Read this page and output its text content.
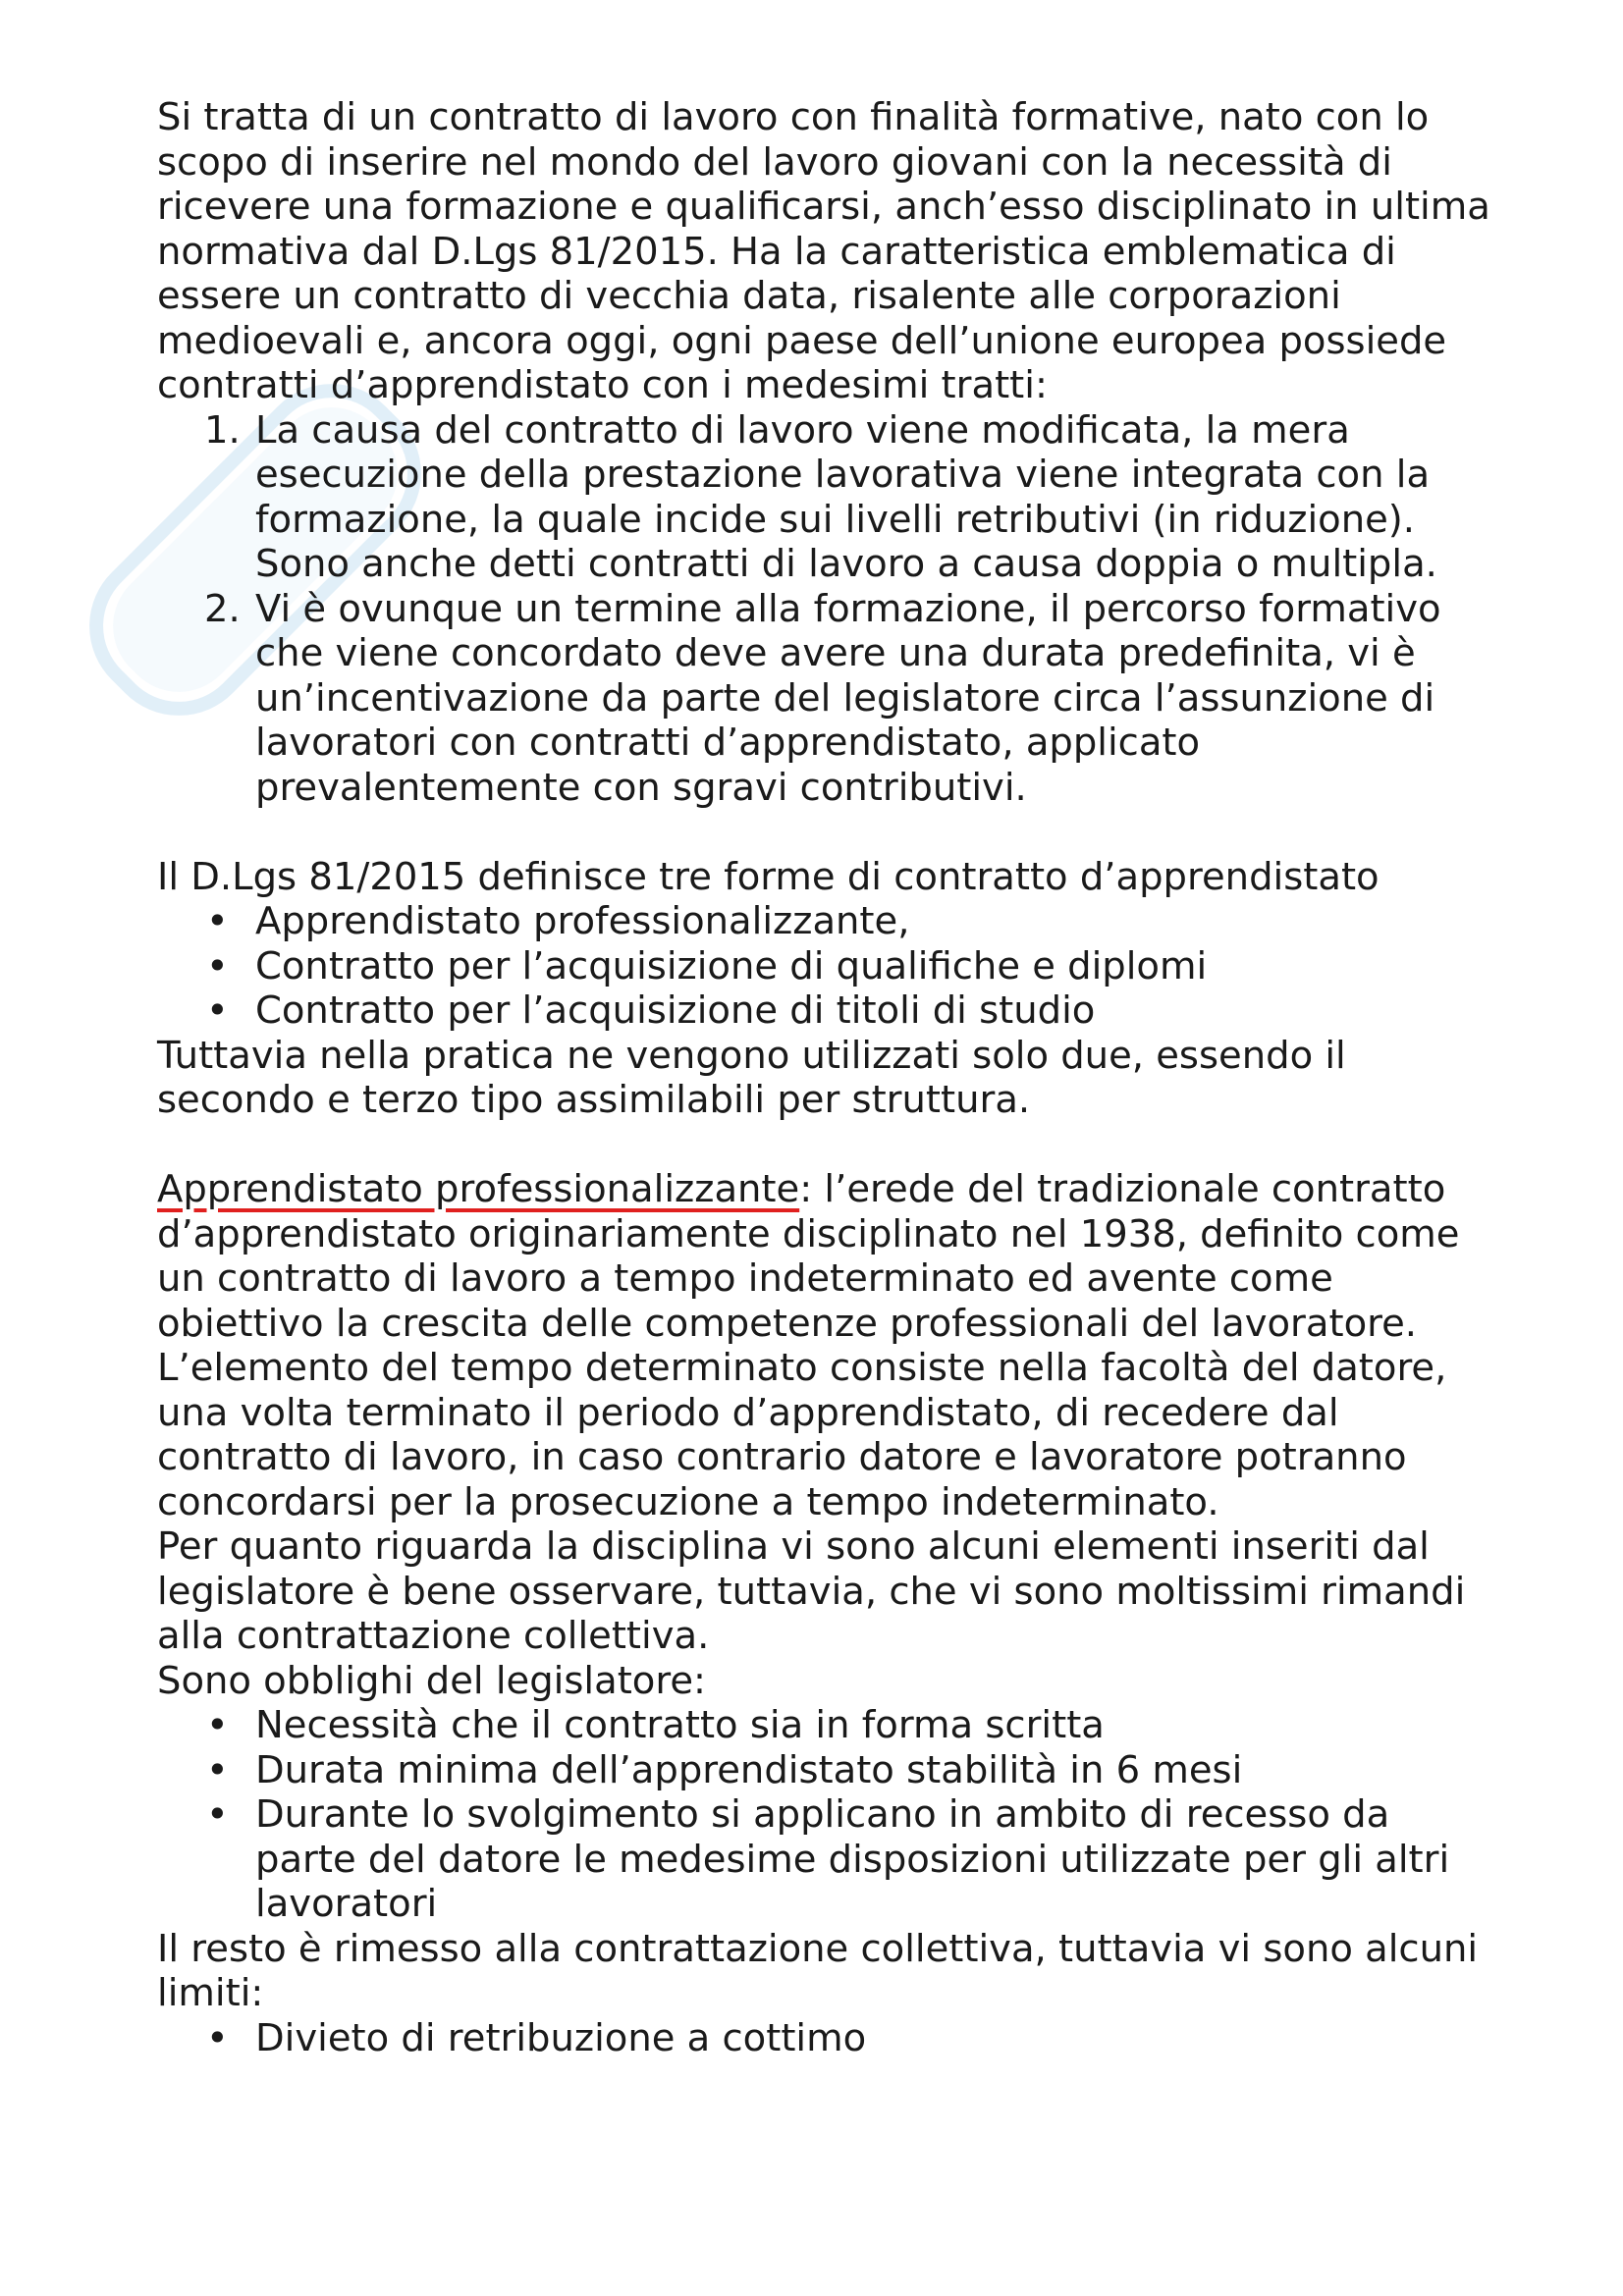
Si tratta di un contratto di lavoro con finalità formative, nato con lo scopo di inserire nel mondo del lavoro giovani con la necessità di ricevere una formazione e qualificarsi, anch’esso disciplinato in ultima normativa dal D.Lgs 81/2015. Ha la caratteristica emblematica di essere un contratto di vecchia data, risalente alle corporazioni medioevali e, ancora oggi, ogni paese dell’unione europea possiede contratti d’apprendistato con i medesimi tratti:

1. La causa del contratto di lavoro viene modificata, la mera esecuzione della prestazione lavorativa viene integrata con la formazione, la quale incide sui livelli retributivi (in riduzione). Sono anche detti contratti di lavoro a causa doppia o multipla.
2. Vi è ovunque un termine alla formazione, il percorso formativo che viene concordato deve avere una durata predefinita, vi è un’incentivazione da parte del legislatore circa l’assunzione di lavoratori con contratti d’apprendistato, applicato prevalentemente con sgravi contributivi.

Il D.Lgs 81/2015 definisce tre forme di contratto d’apprendistato

• Apprendistato professionalizzante,
• Contratto per l’acquisizione di qualifiche e diplomi
• Contratto per l’acquisizione di titoli di studio

Tuttavia nella pratica ne vengono utilizzati solo due, essendo il secondo e terzo tipo assimilabili per struttura.

Apprendistato professionalizzante: l’erede del tradizionale contratto d’apprendistato originariamente disciplinato nel 1938, definito come un contratto di lavoro a tempo indeterminato ed avente come obiettivo la crescita delle competenze professionali del lavoratore. L’elemento del tempo determinato consiste nella facoltà del datore, una volta terminato il periodo d’apprendistato, di recedere dal contratto di lavoro, in caso contrario datore e lavoratore potranno concordarsi per la prosecuzione a tempo indeterminato.

Per quanto riguarda la disciplina vi sono alcuni elementi inseriti dal legislatore è bene osservare, tuttavia, che vi sono moltissimi rimandi alla contrattazione collettiva.

Sono obblighi del legislatore:

• Necessità che il contratto sia in forma scritta
• Durata minima dell’apprendistato stabilità in 6 mesi
• Durante lo svolgimento si applicano in ambito di recesso da parte del datore le medesime disposizioni utilizzate per gli altri lavoratori

Il resto è rimesso alla contrattazione collettiva, tuttavia vi sono alcuni limiti:

• Divieto di retribuzione a cottimo
